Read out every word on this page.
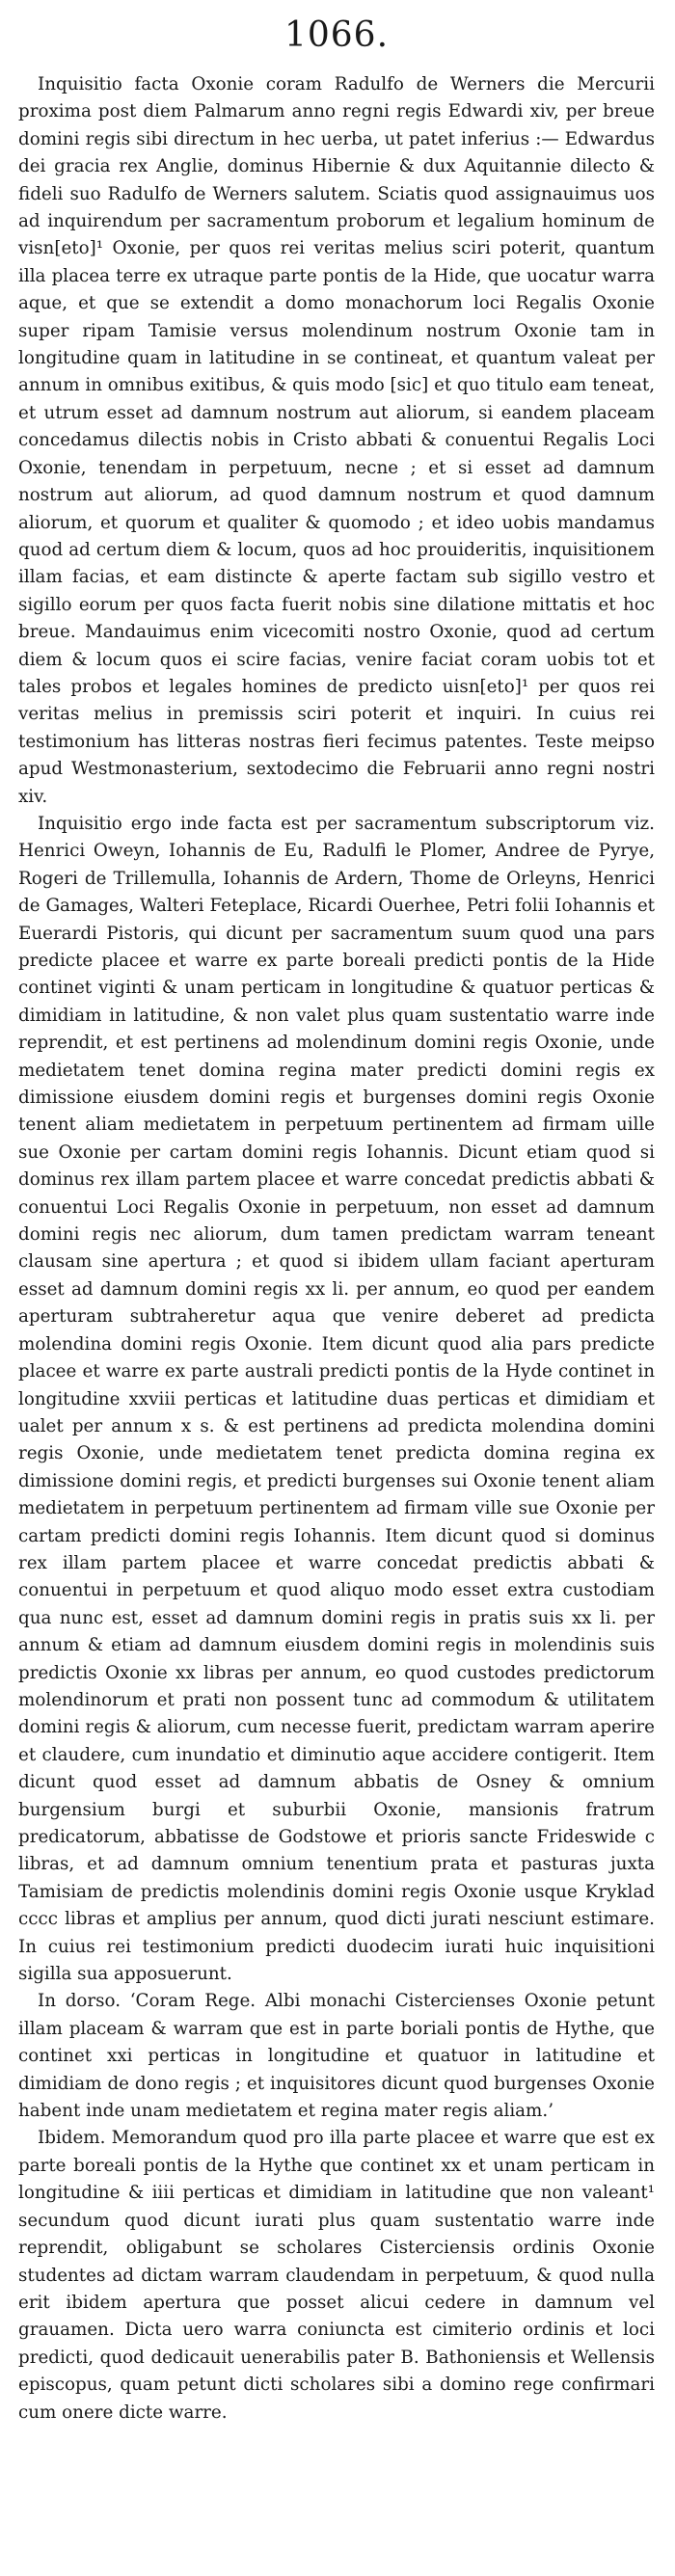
1066.

Inquisitio facta Oxonie coram Radulfo de Werners die Mercurii proxima post diem Palmarum anno regni regis Edwardi xiv, per breue domini regis sibi directum in hec uerba, ut patet inferius :— Edwardus dei gracia rex Anglie, dominus Hibernie & dux Aquitannie dilecto & fideli suo Radulfo de Werners salutem. Sciatis quod assignauimus uos ad inquirendum per sacramentum proborum et legalium hominum de visn[eto]¹ Oxonie, per quos rei veritas melius sciri poterit, quantum illa placea terre ex utraque parte pontis de la Hide, que uocatur warra aque, et que se extendit a domo monachorum loci Regalis Oxonie super ripam Tamisie versus molendinum nostrum Oxonie tam in longitudine quam in latitudine in se contineat, et quantum valeat per annum in omnibus exitibus, & quis modo [sic] et quo titulo eam teneat, et utrum esset ad damnum nostrum aut aliorum, si eandem placeam concedamus dilectis nobis in Cristo abbati & conuentui Regalis Loci Oxonie, tenendam in perpetuum, necne ; et si esset ad damnum nostrum aut aliorum, ad quod damnum nostrum et quod damnum aliorum, et quorum et qualiter & quomodo ; et ideo uobis mandamus quod ad certum diem & locum, quos ad hoc prouideritis, inquisitionem illam facias, et eam distincte & aperte factam sub sigillo vestro et sigillo eorum per quos facta fuerit nobis sine dilatione mittatis et hoc breue. Mandauimus enim vicecomiti nostro Oxonie, quod ad certum diem & locum quos ei scire facias, venire faciat coram uobis tot et tales probos et legales homines de predicto uisn[eto]¹ per quos rei veritas melius in premissis sciri poterit et inquiri. In cuius rei testimonium has litteras nostras fieri fecimus patentes. Teste meipso apud Westmonasterium, sextodecimo die Februarii anno regni nostri xiv.

Inquisitio ergo inde facta est per sacramentum subscriptorum viz. Henrici Oweyn, Iohannis de Eu, Radulfi le Plomer, Andree de Pyrye, Rogeri de Trillemulla, Iohannis de Ardern, Thome de Orleyns, Henrici de Gamages, Walteri Feteplace, Ricardi Ouerhee, Petri folii Iohannis et Euerardi Pistoris, qui dicunt per sacramentum suum quod una pars predicte placee et warre ex parte boreali predicti pontis de la Hide continet viginti & unam perticam in longitudine & quatuor perticas & dimidiam in latitudine, & non valet plus quam sustentatio warre inde reprendit, et est pertinens ad molendinum domini regis Oxonie, unde medietatem tenet domina regina mater predicti domini regis ex dimissione eiusdem domini regis et burgenses domini regis Oxonie tenent aliam medietatem in perpetuum pertinentem ad firmam uille sue Oxonie per cartam domini regis Iohannis. Dicunt etiam quod si dominus rex illam partem placee et warre concedat predictis abbati & conuentui Loci Regalis Oxonie in perpetuum, non esset ad damnum domini regis nec aliorum, dum tamen predictam warram teneant clausam sine apertura ; et quod si ibidem ullam faciant aperturam esset ad damnum domini regis xx li. per annum, eo quod per eandem aperturam subtraheretur aqua que venire deberet ad predicta molendina domini regis Oxonie. Item dicunt quod alia pars predicte placee et warre ex parte australi predicti pontis de la Hyde continet in longitudine xxviii perticas et latitudine duas perticas et dimidiam et ualet per annum x s. & est pertinens ad predicta molendina domini regis Oxonie, unde medietatem tenet predicta domina regina ex dimissione domini regis, et predicti burgenses sui Oxonie tenent aliam medietatem in perpetuum pertinentem ad firmam ville sue Oxonie per cartam predicti domini regis Iohannis. Item dicunt quod si dominus rex illam partem placee et warre concedat predictis abbati & conuentui in perpetuum et quod aliquo modo esset extra custodiam qua nunc est, esset ad damnum domini regis in pratis suis xx li. per annum & etiam ad damnum eiusdem domini regis in molendinis suis predictis Oxonie xx libras per annum, eo quod custodes predictorum molendinorum et prati non possent tunc ad commodum & utilitatem domini regis & aliorum, cum necesse fuerit, predictam warram aperire et claudere, cum inundatio et diminutio aque accidere contigerit. Item dicunt quod esset ad damnum abbatis de Osney & omnium burgensium burgi et suburbii Oxonie, mansionis fratrum predicatorum, abbatisse de Godstowe et prioris sancte Frideswide c libras, et ad damnum omnium tenentium prata et pasturas juxta Tamisiam de predictis molendinis domini regis Oxonie usque Kryklad cccc libras et amplius per annum, quod dicti jurati nesciunt estimare. In cuius rei testimonium predicti duodecim iurati huic inquisitioni sigilla sua apposuerunt.

In dorso. ‘Coram Rege. Albi monachi Cistercienses Oxonie petunt illam placeam & warram que est in parte boriali pontis de Hythe, que continet xxi perticas in longitudine et quatuor in latitudine et dimidiam de dono regis ; et inquisitores dicunt quod burgenses Oxonie habent inde unam medietatem et regina mater regis aliam.’

Ibidem. Memorandum quod pro illa parte placee et warre que est ex parte boreali pontis de la Hythe que continet xx et unam perticam in longitudine & iiii perticas et dimidiam in latitudine que non valeant¹ secundum quod dicunt iurati plus quam sustentatio warre inde reprendit, obligabunt se scholares Cisterciensis ordinis Oxonie studentes ad dictam warram claudendam in perpetuum, & quod nulla erit ibidem apertura que posset alicui cedere in damnum vel grauamen. Dicta uero warra coniuncta est cimiterio ordinis et loci predicti, quod dedicauit uenerabilis pater B. Bathoniensis et Wellensis episcopus, quam petunt dicti scholares sibi a domino rege confirmari cum onere dicte warre.
